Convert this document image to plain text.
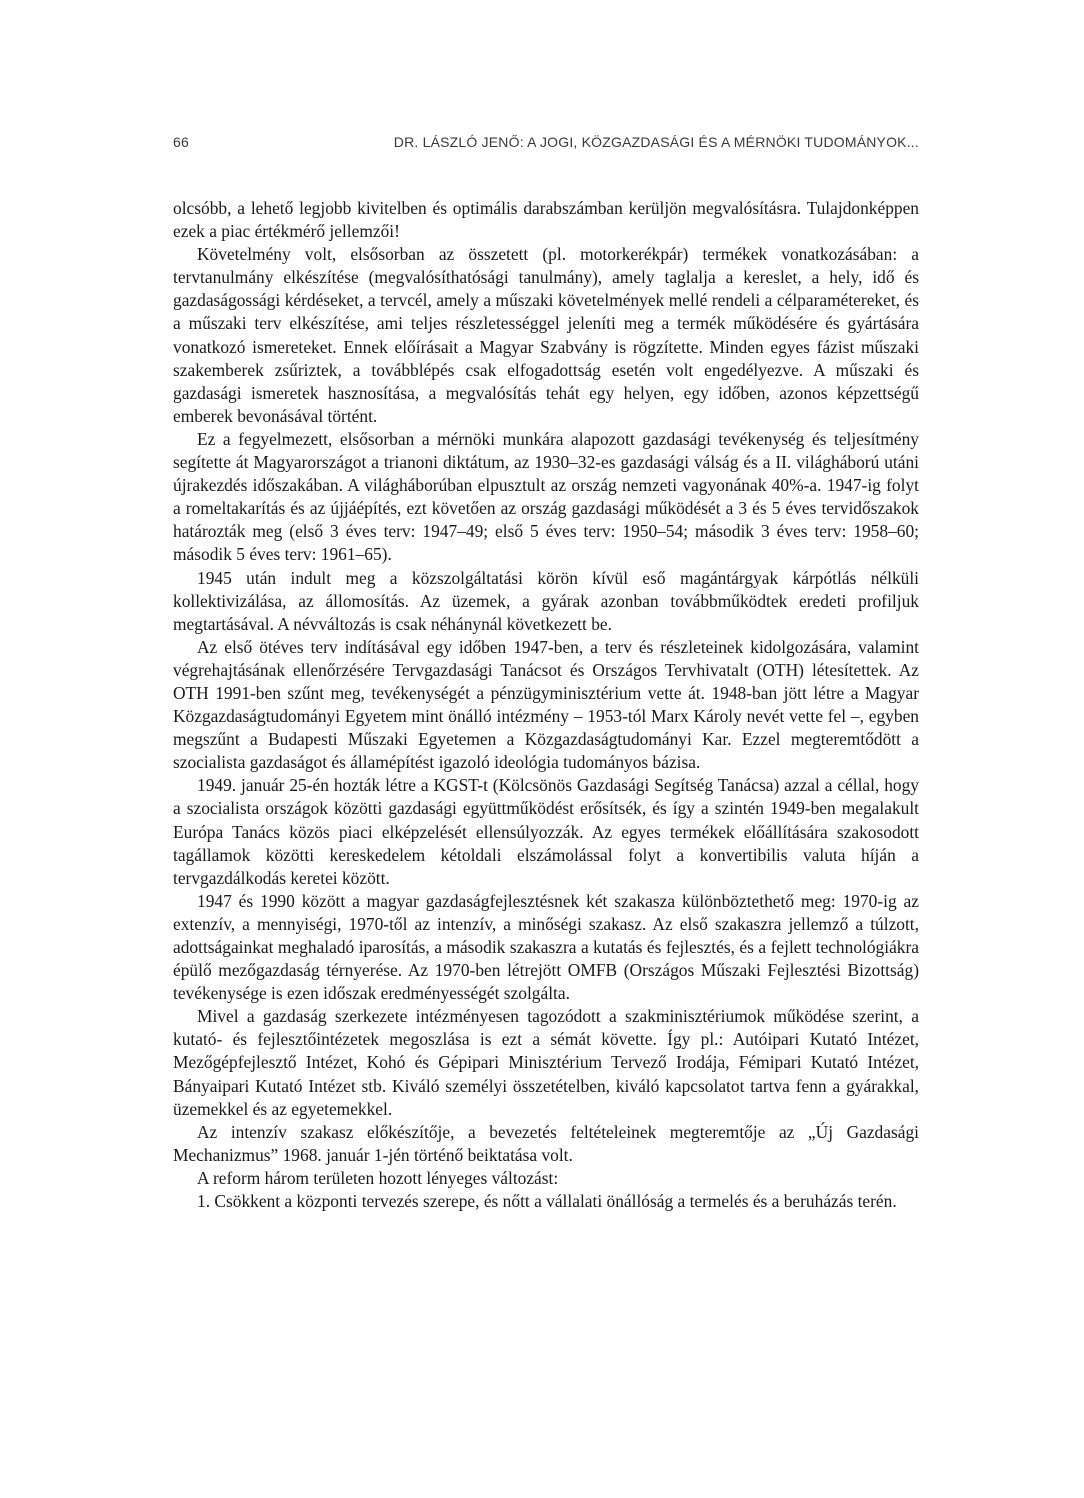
66	DR. LÁSZLÓ JENŐ: A JOGI, KÖZGAZDASÁGI ÉS A MÉRNÖKI TUDOMÁNYOK...

olcsóbb, a lehető legjobb kivitelben és optimális darabszámban kerüljön megvalósításra. Tulajdonképpen ezek a piac értékmérő jellemzői!

Követelmény volt, elsősorban az összetett (pl. motorkerékpár) termékek vonatkozásában: a tervtanulmány elkészítése (megvalósíthatósági tanulmány), amely taglalja a kereslet, a hely, idő és gazdaságossági kérdéseket, a tervcél, amely a műszaki követelmények mellé rendeli a célparamétereket, és a műszaki terv elkészítése, ami teljes részletességgel jeleníti meg a termék működésére és gyártására vonatkozó ismereteket. Ennek előírásait a Magyar Szabvány is rögzítette. Minden egyes fázist műszaki szakemberek zsűriztek, a továbblépés csak elfogadottság esetén volt engedélyezve. A műszaki és gazdasági ismeretek hasznosítása, a megvalósítás tehát egy helyen, egy időben, azonos képzettségű emberek bevonásával történt.

Ez a fegyelmezett, elsősorban a mérnöki munkára alapozott gazdasági tevékenység és teljesítmény segítette át Magyarországot a trianoni diktátum, az 1930–32-es gazdasági válság és a II. világháború utáni újrakezdés időszakában. A világháborúban elpusztult az ország nemzeti vagyonának 40%-a. 1947-ig folyt a romeltakarítás és az újjáépítés, ezt követően az ország gazdasági működését a 3 és 5 éves tervidőszakok határozták meg (első 3 éves terv: 1947–49; első 5 éves terv: 1950–54; második 3 éves terv: 1958–60; második 5 éves terv: 1961–65).

1945 után indult meg a közszolgáltatási körön kívül eső magántárgyak kárpótlás nélküli kollektivizálása, az állomosítás. Az üzemek, a gyárak azonban továbbműködtek eredeti profiljuk megtartásával. A névváltozás is csak néhánynál következett be.

Az első ötéves terv indításával egy időben 1947-ben, a terv és részleteinek kidolgozására, valamint végrehajtásának ellenőrzésére Tervgazdasági Tanácsot és Országos Tervhivatalt (OTH) létesítettek. Az OTH 1991-ben szűnt meg, tevékenységét a pénzügyminisztérium vette át. 1948-ban jött létre a Magyar Közgazdaságtudományi Egyetem mint önálló intézmény – 1953-tól Marx Károly nevét vette fel –, egyben megszűnt a Budapesti Műszaki Egyetemen a Közgazdaságtudományi Kar. Ezzel megteremtődött a szocialista gazdaságot és államépítést igazoló ideológia tudományos bázisa.

1949. január 25-én hozták létre a KGST-t (Kölcsönös Gazdasági Segítség Tanácsa) azzal a céllal, hogy a szocialista országok közötti gazdasági együttműködést erősítsék, és így a szintén 1949-ben megalakult Európa Tanács közös piaci elképzelését ellensúlyozzák. Az egyes termékek előállítására szakosodott tagállamok közötti kereskedelem kétoldali elszámolással folyt a konvertibilis valuta híján a tervgazdálkodás keretei között.

1947 és 1990 között a magyar gazdaságfejlesztésnek két szakasza különböztethető meg: 1970-ig az extenzív, a mennyiségi, 1970-től az intenzív, a minőségi szakasz. Az első szakaszra jellemző a túlzott, adottságainkat meghaladó iparosítás, a második szakaszra a kutatás és fejlesztés, és a fejlett technológiákra épülő mezőgazdaság térnyerése. Az 1970-ben létrejött OMFB (Országos Műszaki Fejlesztési Bizottság) tevékenysége is ezen időszak eredményességét szolgálta.

Mivel a gazdaság szerkezete intézményesen tagozódott a szakminisztériumok működése szerint, a kutató- és fejlesztőintézetek megoszlása is ezt a sémát követte. Így pl.: Autóipari Kutató Intézet, Mezőgépfejlesztő Intézet, Kohó és Gépipari Minisztérium Tervező Irodája, Fémipari Kutató Intézet, Bányaipari Kutató Intézet stb. Kiváló személyi összetételben, kiváló kapcsolatot tartva fenn a gyárakkal, üzemekkel és az egyetemekkel.

Az intenzív szakasz előkészítője, a bevezetés feltételeinek megteremtője az „Új Gazdasági Mechanizmus” 1968. január 1-jén történő beiktatása volt.

A reform három területen hozott lényeges változást:

1. Csökkent a központi tervezés szerepe, és nőtt a vállalati önállóság a termelés és a beruházás terén.
